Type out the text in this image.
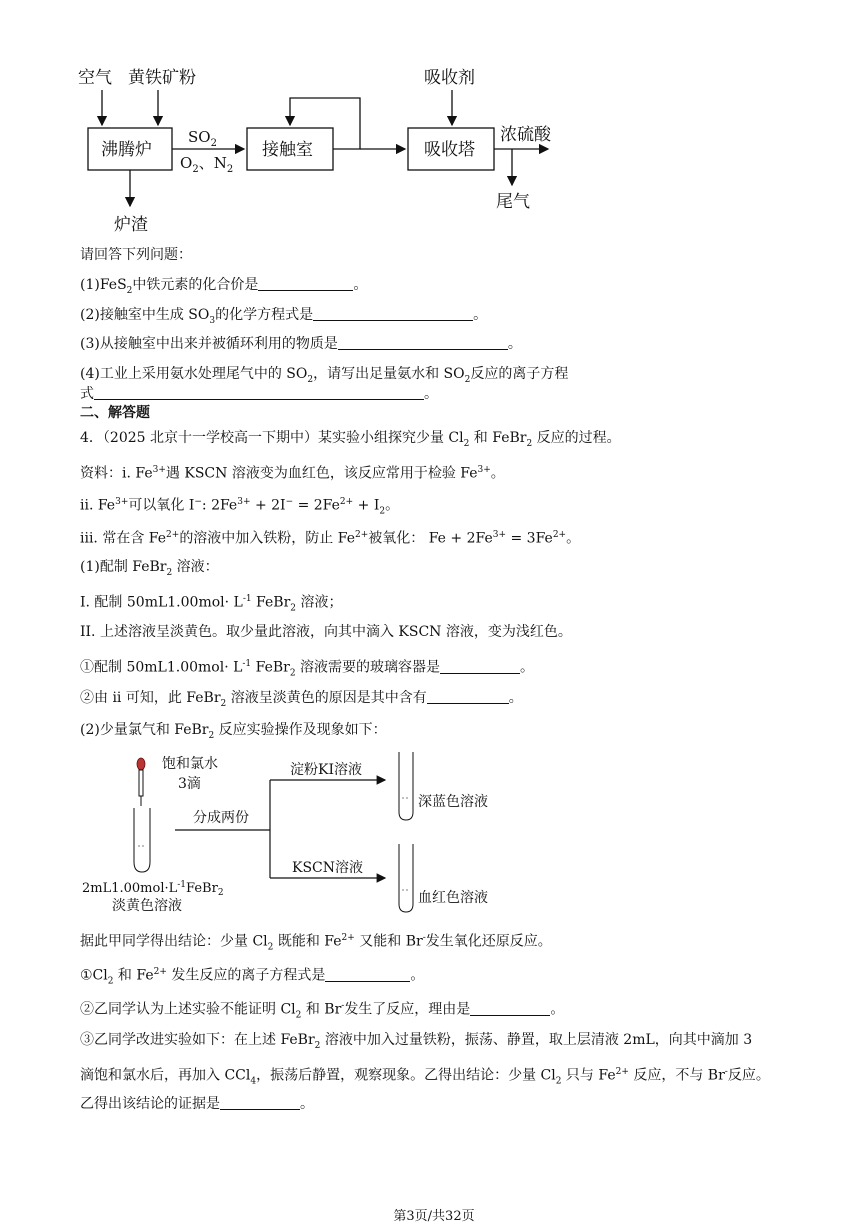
空气 黄铁矿粉	吸收剂
沸腾炉	接触室	吸收塔
$SO_2$
$O_2$、$N_2$
浓硫酸
尾气
炉渣
请回答下列问题：
(1)FeS$_2$中铁元素的化合价是	。
(2)接触室中生成 $SO_3$的化学方程式是	。
(3)从接触室中出来并被循环利用的物质是	。
(4)工业上采用氨水处理尾气中的 $SO_2$，请写出足量氨水和 $SO_2$反应的离子方程
式	。
二、解答题
4．（2025 北京十一学校高一下期中）某实验小组探究少量 $Cl_2$ 和 FeBr$_2$ 反应的过程。
资料：i. $Fe^{3+}$遇 KSCN 溶液变为血红色，该反应常用于检验 $Fe^{3+}$。
ii. $Fe^{3+}$可以氧化 I−: $2Fe^{3+} + 2I^- = 2Fe^{2+} + I_2$。
iii. 常在含 $Fe^{2+}$的溶液中加入铁粉，防止 $Fe^{2+}$被氧化： $Fe + 2Fe^{3+} = 3Fe^{2+}$。
(1)配制 FeBr$_2$ 溶液：
I. 配制 $50mL1.00mol\cdot L^{-1}$ FeBr$_2$ 溶液；
II. 上述溶液呈淡黄色。取少量此溶液，向其中滴入 KSCN 溶液，变为浅红色。
①配制 $50mL1.00mol\cdot L^{-1}$ FeBr$_2$ 溶液需要的玻璃容器是	。
②由 ii 可知，此 FeBr$_2$ 溶液呈淡黄色的原因是其中含有	。
(2)少量氯气和 FeBr$_2$ 反应实验操作及现象如下：
饱和氯水
3滴
分成两份
淀粉KI溶液
KSCN溶液
深蓝色溶液
血红色溶液
$2mL1.00mol\cdot L^{-1}FeBr_2$
淡黄色溶液
据此甲同学得出结论：少量 $Cl_2$ 既能和 $Fe^{2+}$ 又能和 Br-发生氧化还原反应。
$①Cl_2$ 和 $Fe^{2+}$ 发生反应的离子方程式是	。
②乙同学认为上述实验不能证明 $Cl_2$ 和 Br-发生了反应，理由是	。
③乙同学改进实验如下：在上述 FeBr$_2$ 溶液中加入过量铁粉，振荡、静置，取上层清液 2mL，向其中滴加 3
滴饱和氯水后，再加入 CCl$_4$，振荡后静置，观察现象。乙得出结论：少量 $Cl_2$ 只与 $Fe^{2+}$ 反应，不与 Br-反应。
乙得出该结论的证据是	。
第3页/共32页
